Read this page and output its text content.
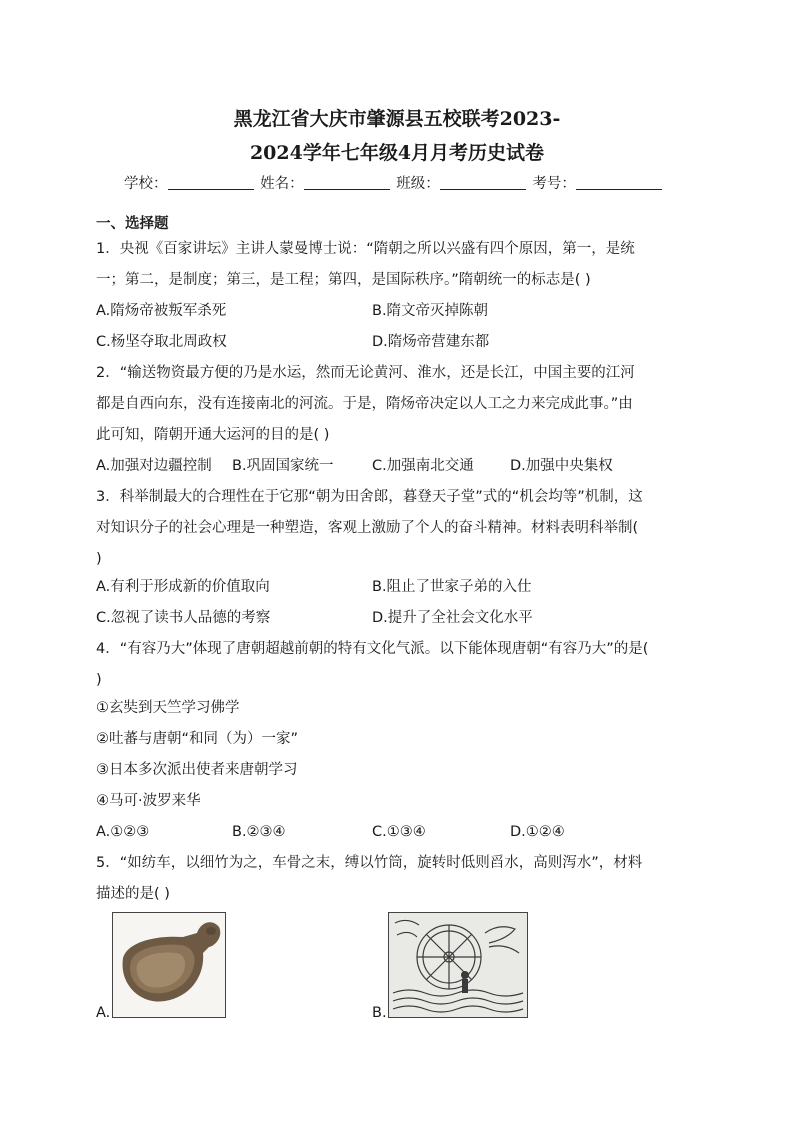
黑龙江省大庆市肇源县五校联考2023-
2024学年七年级4月月考历史试卷
学校：	姓名：	班级：	考号：
一、选择题
1．央视《百家讲坛》主讲人蒙曼博士说：“隋朝之所以兴盛有四个原因，第一，是统
一；第二，是制度；第三，是工程；第四，是国际秩序。”隋朝统一的标志是( )
A.隋炀帝被叛军杀死	B.隋文帝灭掉陈朝
C.杨坚夺取北周政权	D.隋炀帝营建东都
2．“输送物资最方便的乃是水运，然而无论黄河、淮水，还是长江，中国主要的江河
都是自西向东，没有连接南北的河流。于是，隋炀帝决定以人工之力来完成此事。”由
此可知，隋朝开通大运河的目的是( )
A.加强对边疆控制 B.巩固国家统一	C.加强南北交通	D.加强中央集权
3．科举制最大的合理性在于它那“朝为田舍郎，暮登天子堂”式的“机会均等”机制，这
对知识分子的社会心理是一种塑造，客观上激励了个人的奋斗精神。材料表明科举制(
)
A.有利于形成新的价值取向	B.阻止了世家子弟的入仕
C.忽视了读书人品德的考察	D.提升了全社会文化水平
4．“有容乃大”体现了唐朝超越前朝的特有文化气派。以下能体现唐朝“有容乃大”的是(
)
①玄奘到天竺学习佛学
②吐蕃与唐朝“和同（为）一家”
③日本多次派出使者来唐朝学习
④马可·波罗来华
A.①②③	B.②③④	C.①③④	D.①②④
5．“如纺车，以细竹为之，车骨之末，缚以竹筒，旋转时低则舀水，高则泻水”，材料
描述的是( )
A.	B.
